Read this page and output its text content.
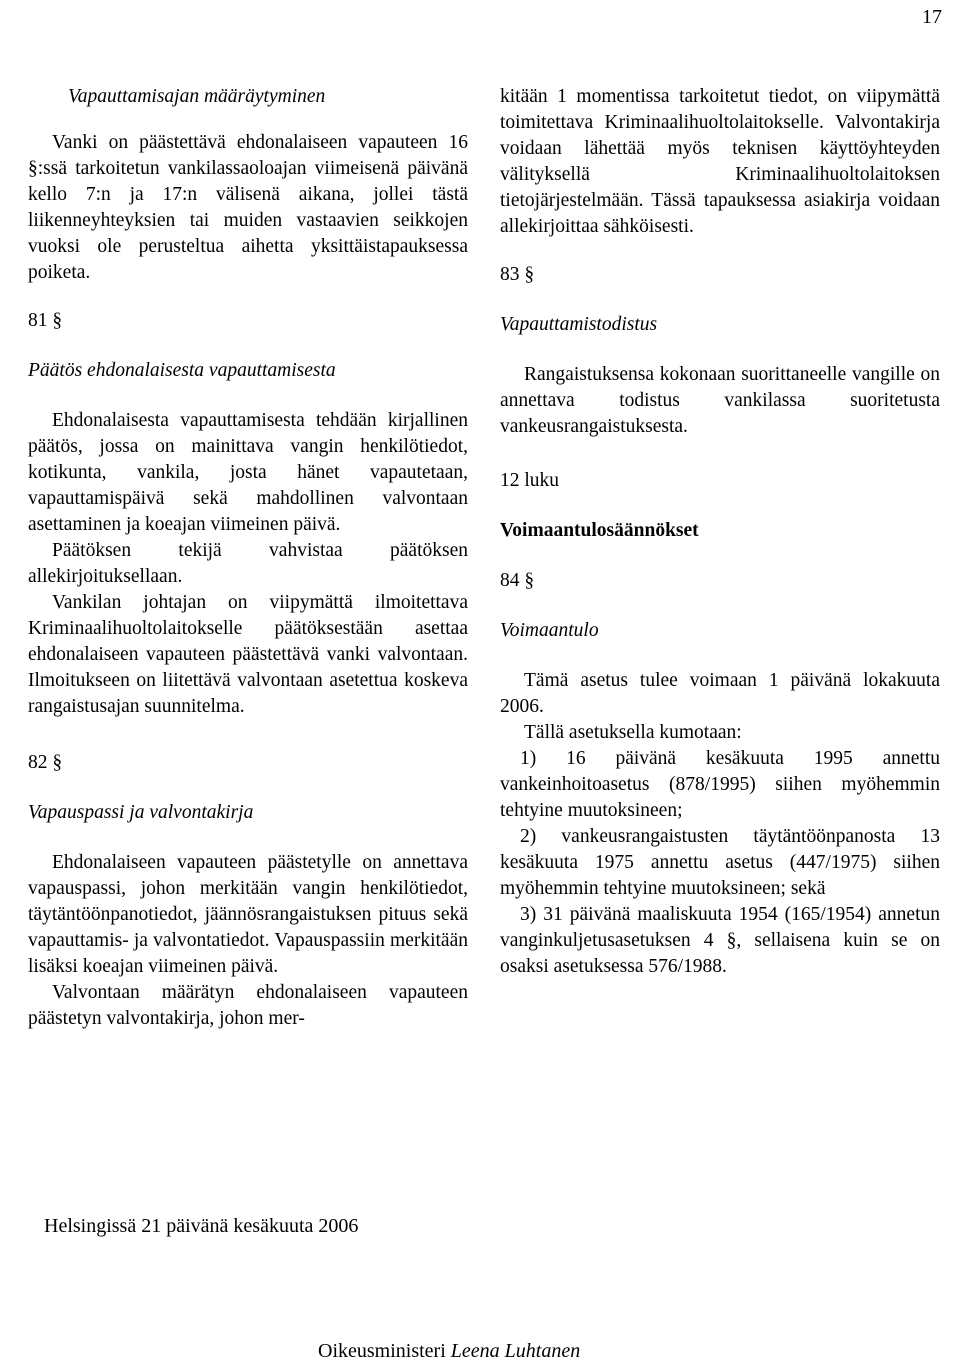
17

Vapauttamisajan määräytyminen

Vanki on päästettävä ehdonalaiseen vapauteen 16 §:ssä tarkoitetun vankilassaoloajan viimeisenä päivänä kello 7:n ja 17:n välisenä aikana, jollei tästä liikenneyhteyksien tai muiden vastaavien seikkojen vuoksi ole perusteltua aihetta yksittäistapauksessa poiketa.

81 §

Päätös ehdonalaisesta vapauttamisesta

Ehdonalaisesta vapauttamisesta tehdään kirjallinen päätös, jossa on mainittava vangin henkilötiedot, kotikunta, vankila, josta hänet vapautetaan, vapauttamispäivä sekä mahdollinen valvontaan asettaminen ja koeajan viimeinen päivä.

Päätöksen tekijä vahvistaa päätöksen allekirjoituksellaan.

Vankilan johtajan on viipymättä ilmoitettava Kriminaalihuoltolaitokselle päätöksestään asettaa ehdonalaiseen vapauteen päästettävä vanki valvontaan. Ilmoitukseen on liitettävä valvontaan asetettua koskeva rangaistusajan suunnitelma.

82 §

Vapauspassi ja valvontakirja

Ehdonalaiseen vapauteen päästetylle on annettava vapauspassi, johon merkitään vangin henkilötiedot, täytäntöönpanotiedot, jäännösrangaistuksen pituus sekä vapauttamis- ja valvontatiedot. Vapauspassiin merkitään lisäksi koeajan viimeinen päivä.

Valvontaan määrätyn ehdonalaiseen vapauteen päästetyn valvontakirja, johon mer-

kitään 1 momentissa tarkoitetut tiedot, on viipymättä toimitettava Kriminaalihuoltolaitokselle. Valvontakirja voidaan lähettää myös teknisen käyttöyhteyden välityksellä Kriminaalihuoltolaitoksen tietojärjestelmään. Tässä tapauksessa asiakirja voidaan allekirjoittaa sähköisesti.

83 §

Vapauttamistodistus

Rangaistuksensa kokonaan suorittaneelle vangille on annettava todistus vankilassa suoritetusta vankeusrangaistuksesta.

12 luku

Voimaantulosäännökset

84 §

Voimaantulo

Tämä asetus tulee voimaan 1 päivänä lokakuuta 2006.

Tällä asetuksella kumotaan:

1) 16 päivänä kesäkuuta 1995 annettu vankeinhoitoasetus (878/1995) siihen myöhemmin tehtyine muutoksineen;

2) vankeusrangaistusten täytäntöönpanosta 13 kesäkuuta 1975 annettu asetus (447/1975) siihen myöhemmin tehtyine muutoksineen; sekä

3) 31 päivänä maaliskuuta 1954 (165/1954) annetun vanginkuljetusasetuksen 4 §, sellaisena kuin se on osaksi asetuksessa 576/1988.

Helsingissä 21 päivänä kesäkuuta 2006
Oikeusministeri Leena Luhtanen
